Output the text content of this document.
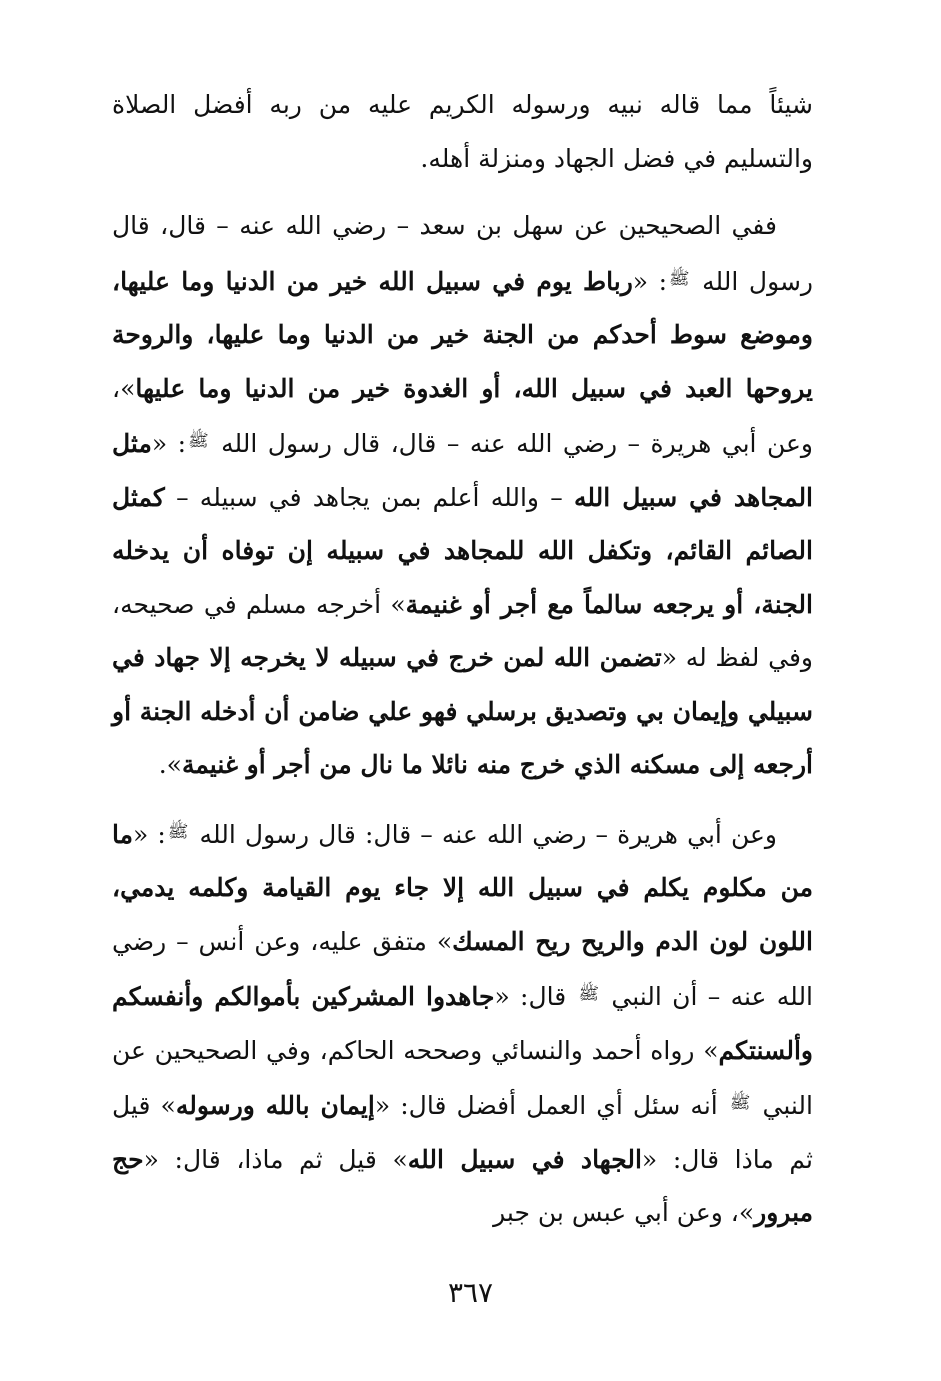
شيئاً مما قاله نبيه ورسوله الكريم عليه من ربه أفضل الصلاة والتسليم في فضل الجهاد ومنزلة أهله.

ففي الصحيحين عن سهل بن سعد – رضي الله عنه – قال، قال رسول الله $^ﷺ$: «رباط يوم في سبيل الله خير من الدنيا وما عليها، وموضع سوط أحدكم من الجنة خير من الدنيا وما عليها، والروحة يروحها العبد في سبيل الله، أو الغدوة خير من الدنيا وما عليها»، وعن أبي هريرة – رضي الله عنه – قال، قال رسول الله $^ﷺ$: «مثل المجاهد في سبيل الله – والله أعلم بمن يجاهد في سبيله – كمثل الصائم القائم، وتكفل الله للمجاهد في سبيله إن توفاه أن يدخله الجنة، أو يرجعه سالماً مع أجر أو غنيمة» أخرجه مسلم في صحيحه، وفي لفظ له «تضمن الله لمن خرج في سبيله لا يخرجه إلا جهاد في سبيلي وإيمان بي وتصديق برسلي فهو علي ضامن أن أدخله الجنة أو أرجعه إلى مسكنه الذي خرج منه نائلا ما نال من أجر أو غنيمة».

وعن أبي هريرة – رضي الله عنه – قال: قال رسول الله $^ﷺ$: «ما من مكلوم يكلم في سبيل الله إلا جاء يوم القيامة وكلمه يدمي، اللون لون الدم والريح ريح المسك» متفق عليه، وعن أنس – رضي الله عنه – أن النبي $^ﷺ$ قال: «جاهدوا المشركين بأموالكم وأنفسكم وألسنتكم» رواه أحمد والنسائي وصححه الحاكم، وفي الصحيحين عن النبي $^ﷺ$ أنه سئل أي العمل أفضل قال: «إيمان بالله ورسوله» قيل ثم ماذا قال: «الجهاد في سبيل الله» قيل ثم ماذا، قال: «حج مبرور»، وعن أبي عبس بن جبر

٣٦٧
